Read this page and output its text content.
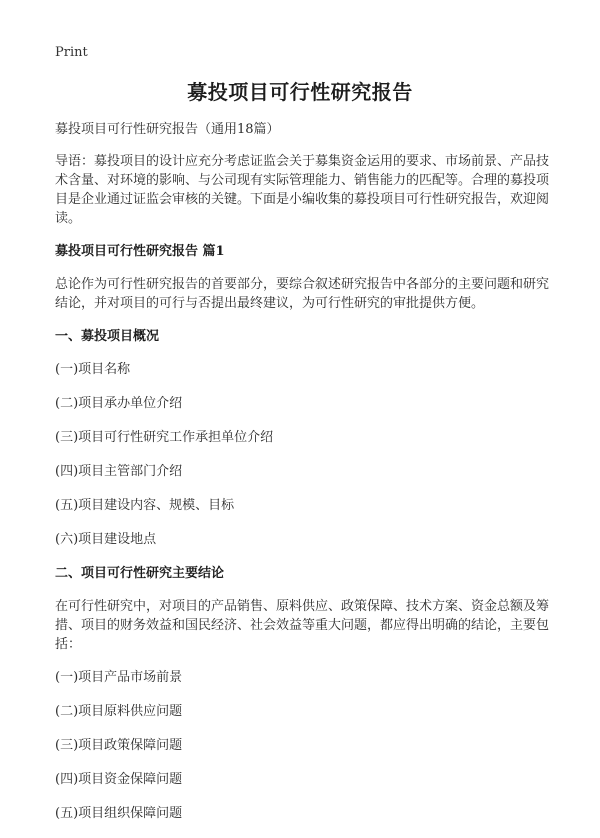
Print
募投项目可行性研究报告

募投项目可行性研究报告（通用18篇）

导语：募投项目的设计应充分考虑证监会关于募集资金运用的要求、市场前景、产品技术含量、对环境的影响、与公司现有实际管理能力、销售能力的匹配等。合理的募投项目是企业通过证监会审核的关键。下面是小编收集的募投项目可行性研究报告，欢迎阅读。

募投项目可行性研究报告 篇1

总论作为可行性研究报告的首要部分，要综合叙述研究报告中各部分的主要问题和研究结论，并对项目的可行与否提出最终建议，为可行性研究的审批提供方便。

一、募投项目概况

(一)项目名称

(二)项目承办单位介绍

(三)项目可行性研究工作承担单位介绍

(四)项目主管部门介绍

(五)项目建设内容、规模、目标

(六)项目建设地点

二、项目可行性研究主要结论

在可行性研究中，对项目的产品销售、原料供应、政策保障、技术方案、资金总额及筹措、项目的财务效益和国民经济、社会效益等重大问题，都应得出明确的结论，主要包括：

(一)项目产品市场前景

(二)项目原料供应问题

(三)项目政策保障问题

(四)项目资金保障问题

(五)项目组织保障问题
